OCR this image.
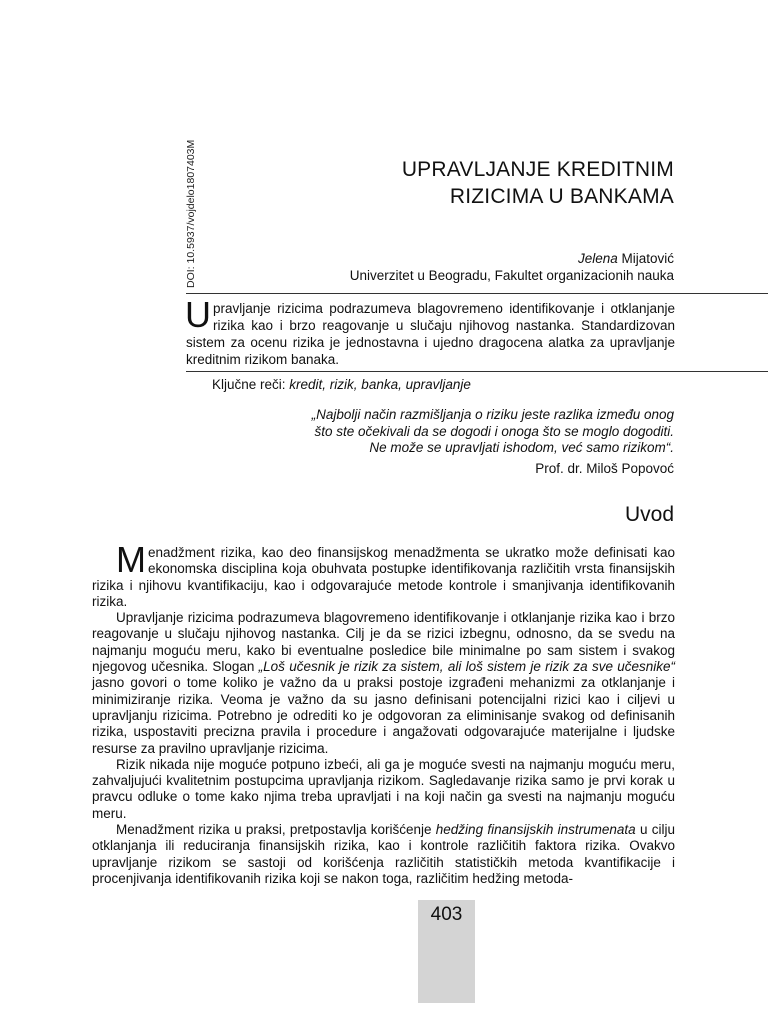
DOI: 10.5937/vojdelo1807403M	UPRAVLJANJE KREDITNIM
RIZICIMA U BANKAMA
Jelena Mijatović
Univerzitet u Beogradu, Fakultet organizacionih nauka
Upravljanje rizicima podrazumeva blagovremeno identifikovanje i otklanjanje rizika kao i brzo reagovanje u slučaju njihovog nastanka. Standardizovan sistem za ocenu rizika je jednostavna i ujedno dragocena alatka za upravljanje kreditnim rizikom banaka.
Ključne reči: kredit, rizik, banka, upravljanje
„Najbolji način razmišljanja o riziku jeste razlika između onog
što ste očekivali da se dogodi i onoga što se moglo dogoditi.
Ne može se upravljati ishodom, već samo rizikom“.
Prof. dr. Miloš Popovoć
Uvod

Menadžment rizika, kao deo finansijskog menadžmenta se ukratko može definisati kao ekonomska disciplina koja obuhvata postupke identifikovanja različitih vrsta finansijskih rizika i njihovu kvantifikaciju, kao i odgovarajuće metode kontrole i smanjivanja identifikovanih rizika.

Upravljanje rizicima podrazumeva blagovremeno identifikovanje i otklanjanje rizika kao i brzo reagovanje u slučaju njihovog nastanka. Cilj je da se rizici izbegnu, odnosno, da se svedu na najmanju moguću meru, kako bi eventualne posledice bile minimalne po sam sistem i svakog njegovog učesnika. Slogan „Loš učesnik je rizik za sistem, ali loš sistem je rizik za sve učesnike“ jasno govori o tome koliko je važno da u praksi postoje izgrađeni mehanizmi za otklanjanje i minimiziranje rizika. Veoma je važno da su jasno definisani potencijalni rizici kao i ciljevi u upravljanju rizicima. Potrebno je odrediti ko je odgovoran za eliminisanje svakog od definisanih rizika, uspostaviti precizna pravila i procedure i angažovati odgovarajuće materijalne i ljudske resurse za pravilno upravljanje rizicima.

Rizik nikada nije moguće potpuno izbeći, ali ga je moguće svesti na najmanju moguću meru, zahvaljujući kvalitetnim postupcima upravljanja rizikom. Sagledavanje rizika samo je prvi korak u pravcu odluke o tome kako njima treba upravljati i na koji način ga svesti na najmanju moguću meru.

Menadžment rizika u praksi, pretpostavlja korišćenje hedžing finansijskih instrumenata u cilju otklanjanja ili reduciranja finansijskih rizika, kao i kontrole različitih faktora rizika. Ovakvo upravljanje rizikom se sastoji od korišćenja različitih statističkih metoda kvantifikacije i procenjivanja identifikovanih rizika koji se nakon toga, različitim hedžing metoda-

403
